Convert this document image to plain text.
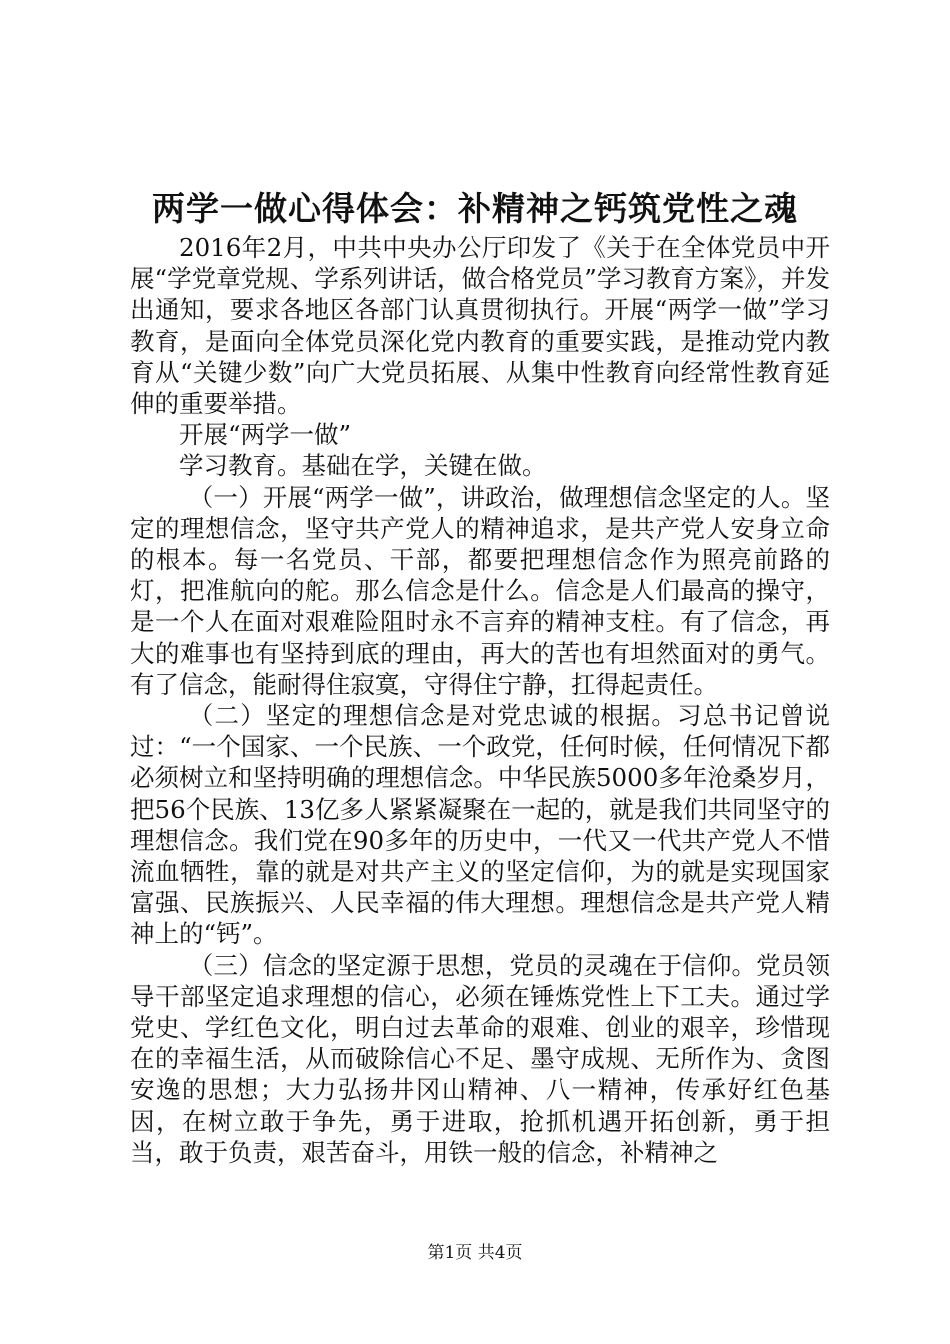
两学一做心得体会：补精神之钙筑党性之魂

2016年2月，中共中央办公厅印发了《关于在全体党员中开展“学党章党规、学系列讲话，做合格党员”学习教育方案》，并发出通知，要求各地区各部门认真贯彻执行。开展“两学一做”学习教育，是面向全体党员深化党内教育的重要实践，是推动党内教育从“关键少数”向广大党员拓展、从集中性教育向经常性教育延伸的重要举措。

开展“两学一做”

学习教育。基础在学，关键在做。

（一）开展“两学一做”，讲政治，做理想信念坚定的人。坚定的理想信念，坚守共产党人的精神追求，是共产党人安身立命的根本。每一名党员、干部，都要把理想信念作为照亮前路的灯，把准航向的舵。那么信念是什么。信念是人们最高的操守，是一个人在面对艰难险阻时永不言弃的精神支柱。有了信念，再大的难事也有坚持到底的理由，再大的苦也有坦然面对的勇气。有了信念，能耐得住寂寞，守得住宁静，扛得起责任。

（二）坚定的理想信念是对党忠诚的根据。习总书记曾说过：“一个国家、一个民族、一个政党，任何时候，任何情况下都必须树立和坚持明确的理想信念。中华民族5000多年沧桑岁月，把56个民族、13亿多人紧紧凝聚在一起的，就是我们共同坚守的理想信念。我们党在90多年的历史中，一代又一代共产党人不惜流血牺牲，靠的就是对共产主义的坚定信仰，为的就是实现国家富强、民族振兴、人民幸福的伟大理想。理想信念是共产党人精神上的“钙”。

（三）信念的坚定源于思想，党员的灵魂在于信仰。党员领导干部坚定追求理想的信心，必须在锤炼党性上下工夫。通过学党史、学红色文化，明白过去革命的艰难、创业的艰辛，珍惜现在的幸福生活，从而破除信心不足、墨守成规、无所作为、贪图安逸的思想；大力弘扬井冈山精神、八一精神，传承好红色基因，在树立敢于争先，勇于进取，抢抓机遇开拓创新，勇于担当，敢于负责，艰苦奋斗，用铁一般的信念，补精神之

第1页 共4页
